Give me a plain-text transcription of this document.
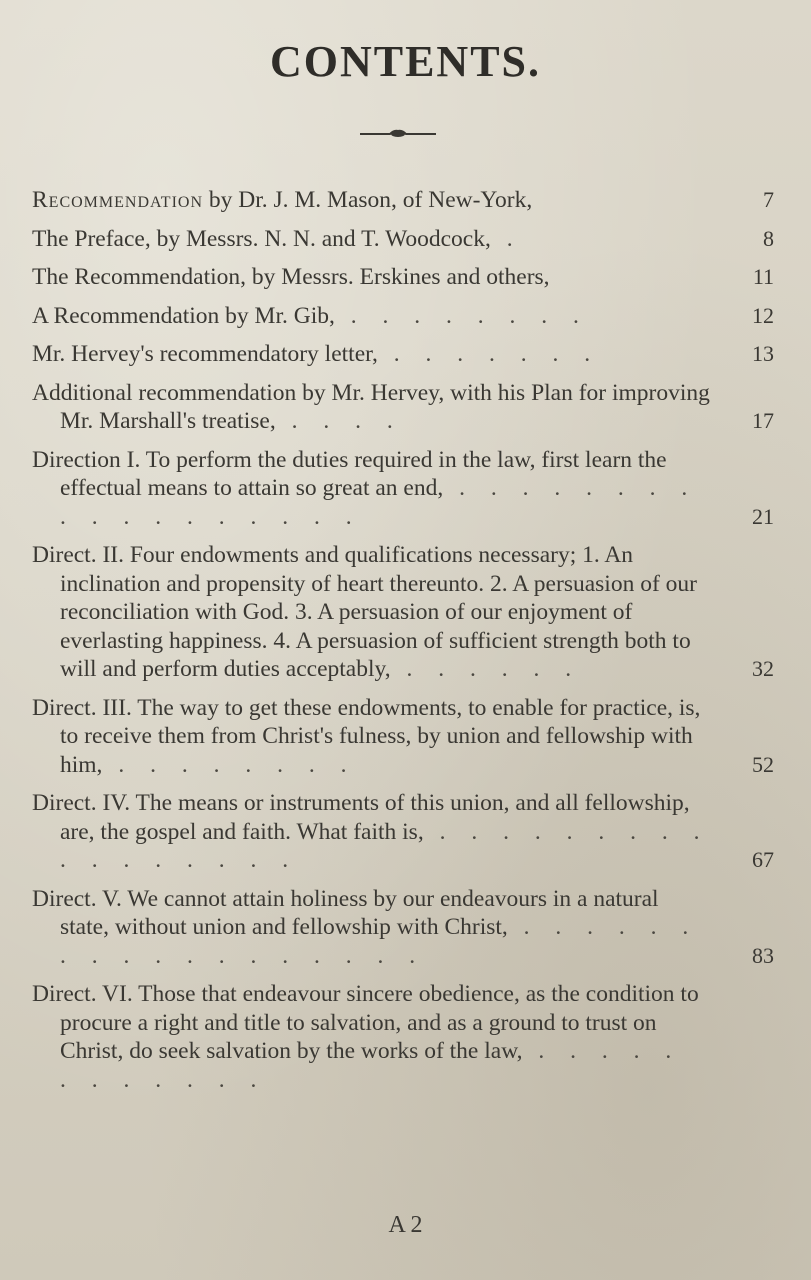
CONTENTS.
Recommendation by Dr. J. M. Mason, of New-York,	7
The Preface, by Messrs. N. N. and T. Woodcock, .	8
The Recommendation, by Messrs. Erskines and others,	11
A Recommendation by Mr. Gib, . . . . . . . .	12
Mr. Hervey's recommendatory letter, . . . . . . .	13
Additional recommendation by Mr. Hervey, with his Plan for improving Mr. Marshall's treatise, . . . .	17
Direction I. To perform the duties required in the law, first learn the effectual means to attain so great an end, . . . . . . . . . . . . . . . . . .	21
Direct. II. Four endowments and qualifications necessary; 1. An inclination and propensity of heart thereunto. 2. A persuasion of our reconciliation with God. 3. A persuasion of our enjoyment of everlasting happiness. 4. A persuasion of sufficient strength both to will and perform duties acceptably, . . . . . .	32
Direct. III. The way to get these endowments, to enable for practice, is, to receive them from Christ's fulness, by union and fellowship with him, . . . . . . . .	52
Direct. IV. The means or instruments of this union, and all fellowship, are, the gospel and faith. What faith is, . . . . . . . . . . . . . . . . .	67
Direct. V. We cannot attain holiness by our endeavours in a natural state, without union and fellowship with Christ, . . . . . . . . . . . . . . . . . .	83
Direct. VI. Those that endeavour sincere obedience, as the condition to procure a right and title to salvation, and as a ground to trust on Christ, do seek salvation by the works of the law, . . . . . . . . . . . .
A 2
